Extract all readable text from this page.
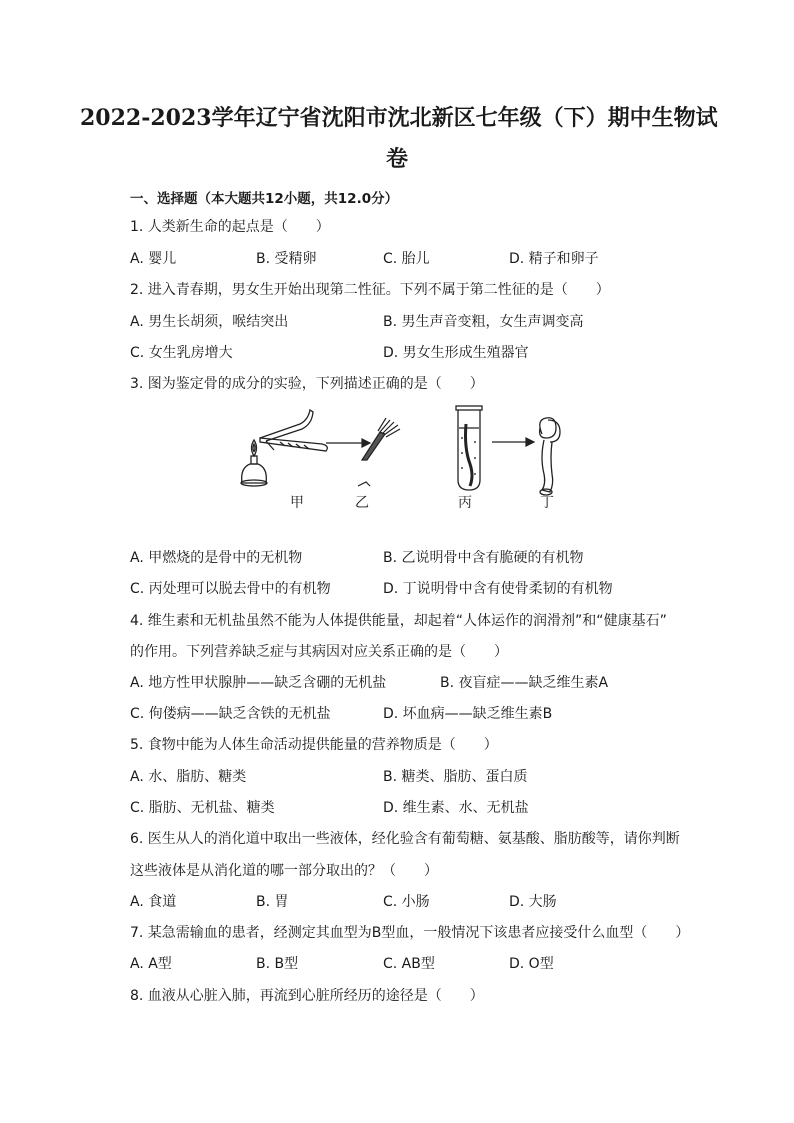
2022-2023学年辽宁省沈阳市沈北新区七年级（下）期中生物试
卷
一、选择题（本大题共12小题，共12.0分）
1. 人类新生命的起点是（　　）
A. 婴儿	B. 受精卵	C. 胎儿	D. 精子和卵子
2. 进入青春期，男女生开始出现第二性征。下列不属于第二性征的是（　　）
A. 男生长胡须，喉结突出	B. 男生声音变粗，女生声调变高
C. 女生乳房增大	D. 男女生形成生殖器官
3. 图为鉴定骨的成分的实验，下列描述正确的是（　　）
甲	乙	丙	丁
A. 甲燃烧的是骨中的无机物	B. 乙说明骨中含有脆硬的有机物
C. 丙处理可以脱去骨中的有机物	D. 丁说明骨中含有使骨柔韧的有机物
4. 维生素和无机盐虽然不能为人体提供能量，却起着“人体运作的润滑剂”和“健康基石”
的作用。下列营养缺乏症与其病因对应关系正确的是（　　）
A. 地方性甲状腺肿——缺乏含硼的无机盐	B. 夜盲症——缺乏维生素A
C. 佝偻病——缺乏含铁的无机盐	D. 坏血病——缺乏维生素B
5. 食物中能为人体生命活动提供能量的营养物质是（　　）
A. 水、脂肪、糖类	B. 糖类、脂肪、蛋白质
C. 脂肪、无机盐、糖类	D. 维生素、水、无机盐
6. 医生从人的消化道中取出一些液体，经化验含有葡萄糖、氨基酸、脂肪酸等，请你判断
这些液体是从消化道的哪一部分取出的？（　　）
A. 食道	B. 胃	C. 小肠	D. 大肠
7. 某急需输血的患者，经测定其血型为B型血，一般情况下该患者应接受什么血型（　　）
A. A型	B. B型	C. AB型	D. O型
8. 血液从心脏入肺，再流到心脏所经历的途径是（　　）
